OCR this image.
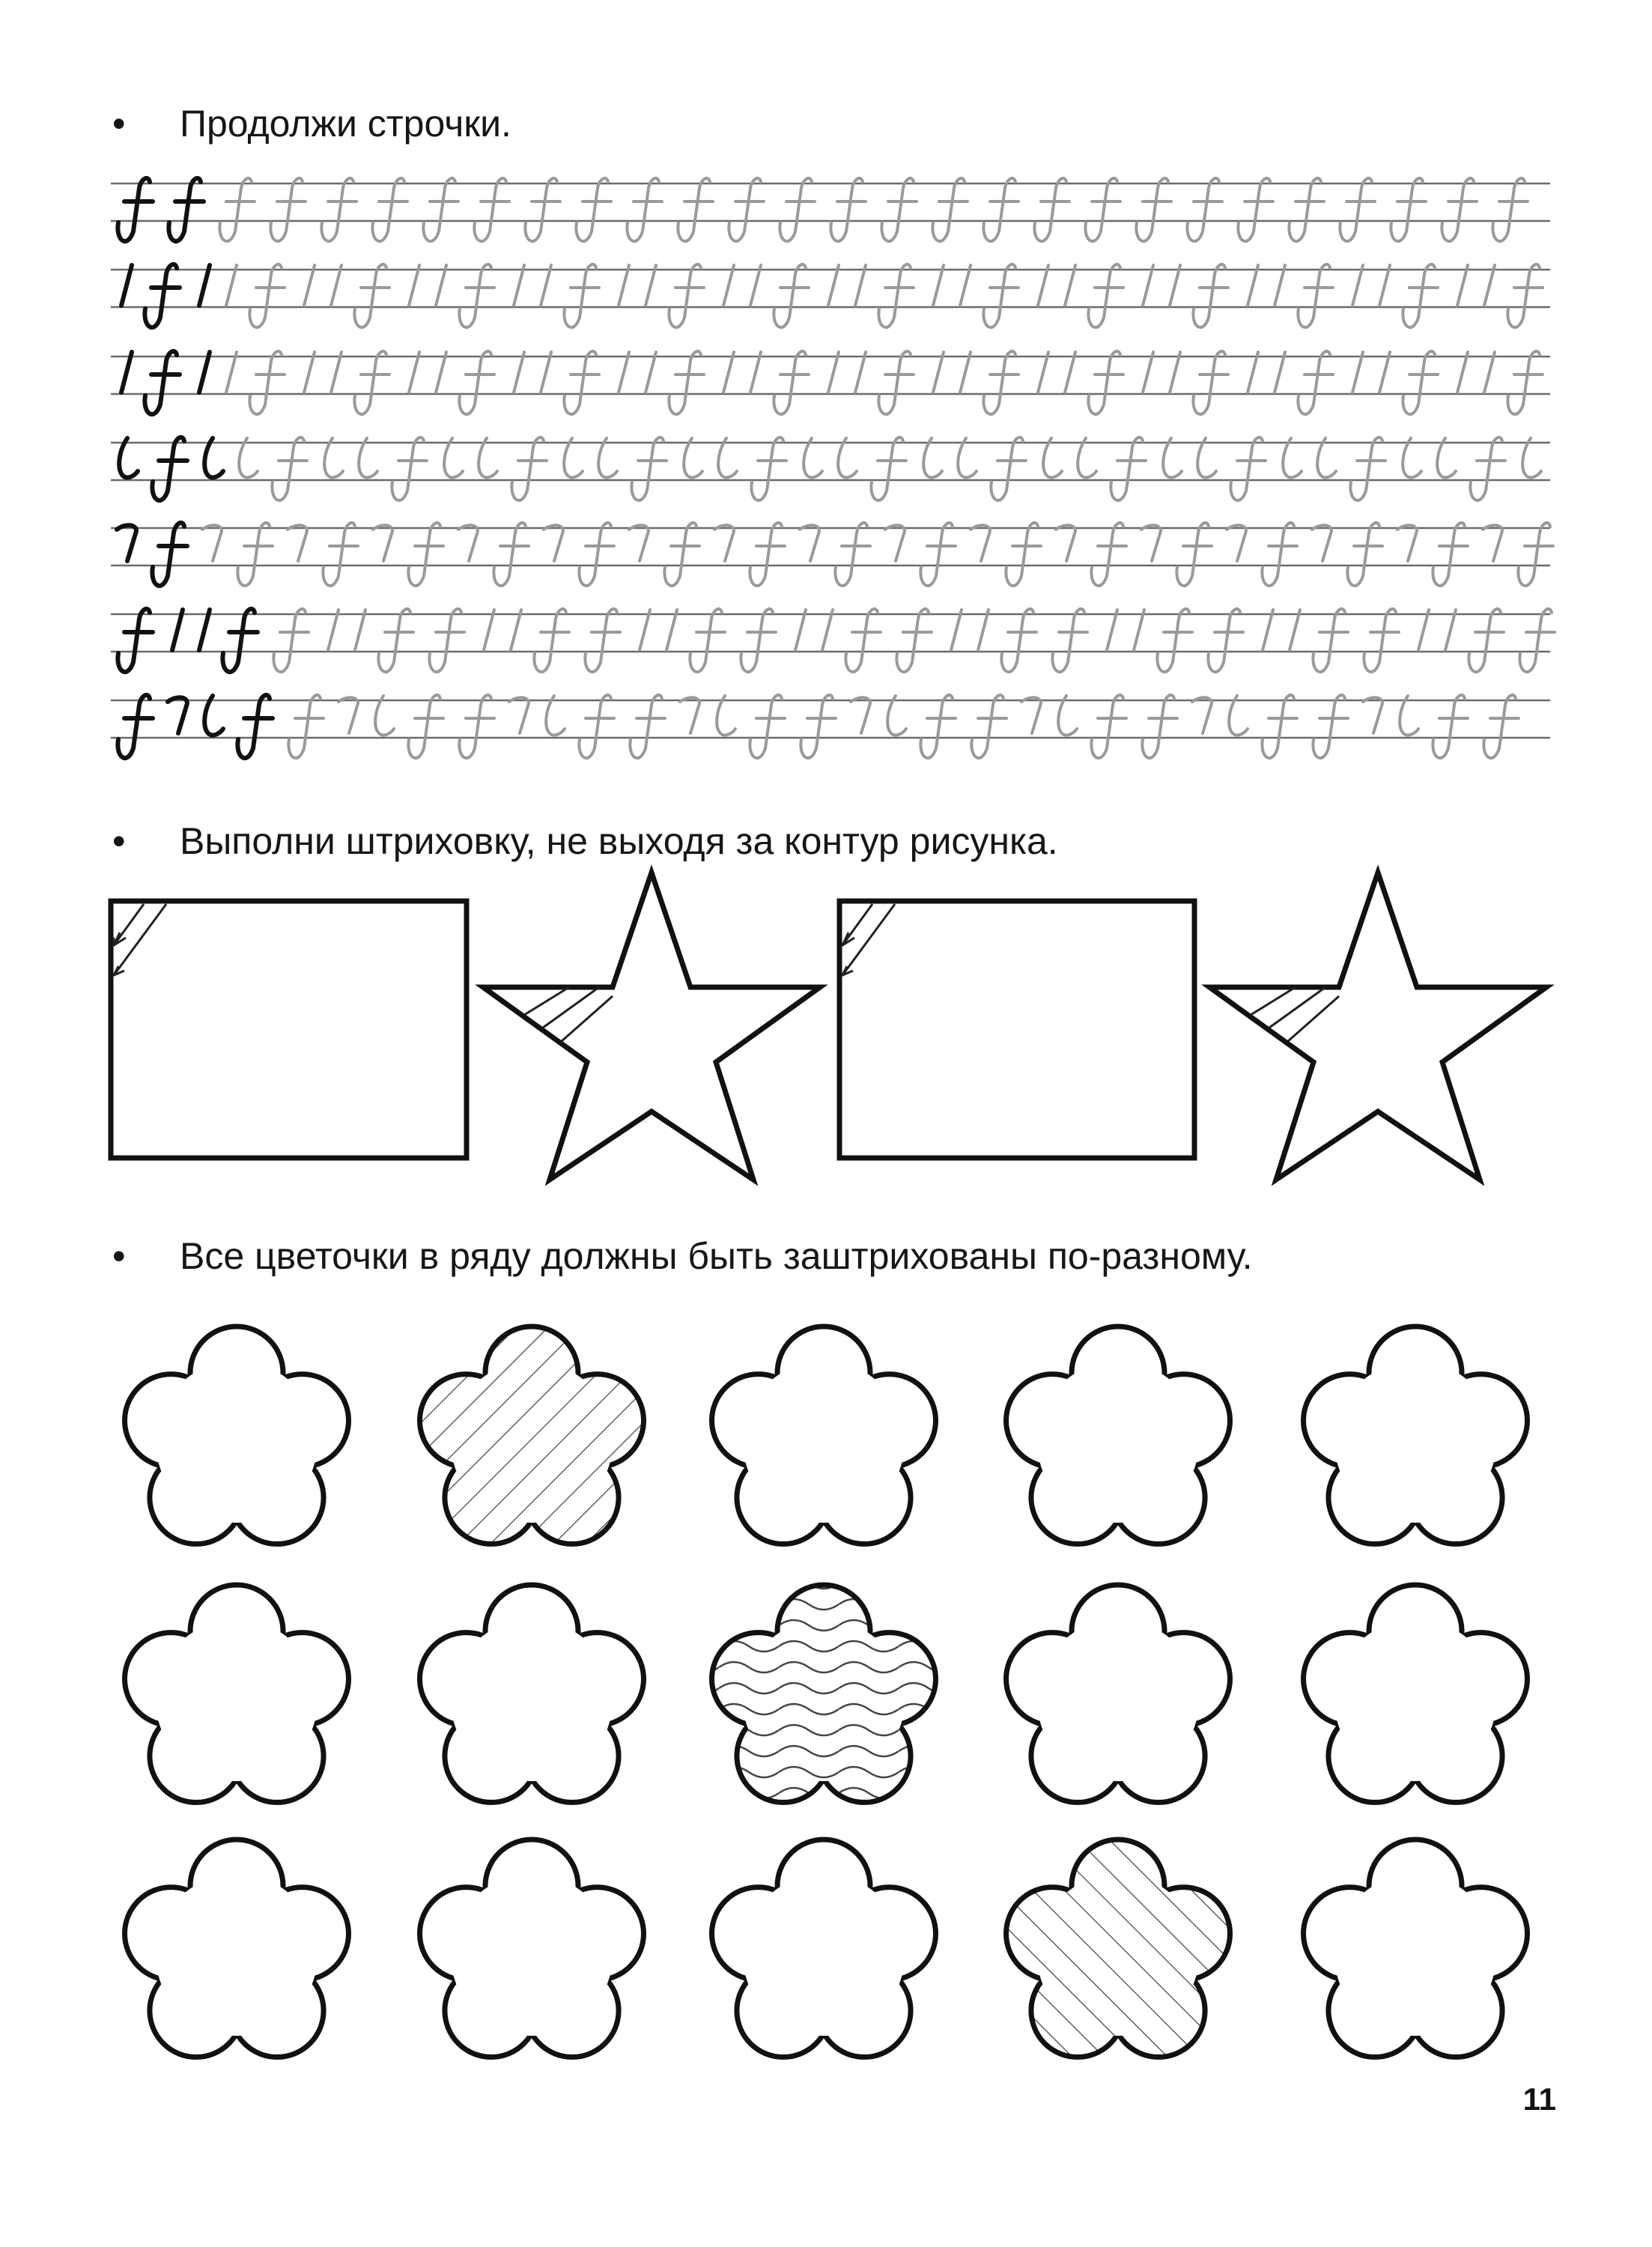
• Продолжи строчки.
• Выполни штриховку, не выходя за контур рисунка.
• Все цветочки в ряду должны быть заштрихованы по-разному.
11
